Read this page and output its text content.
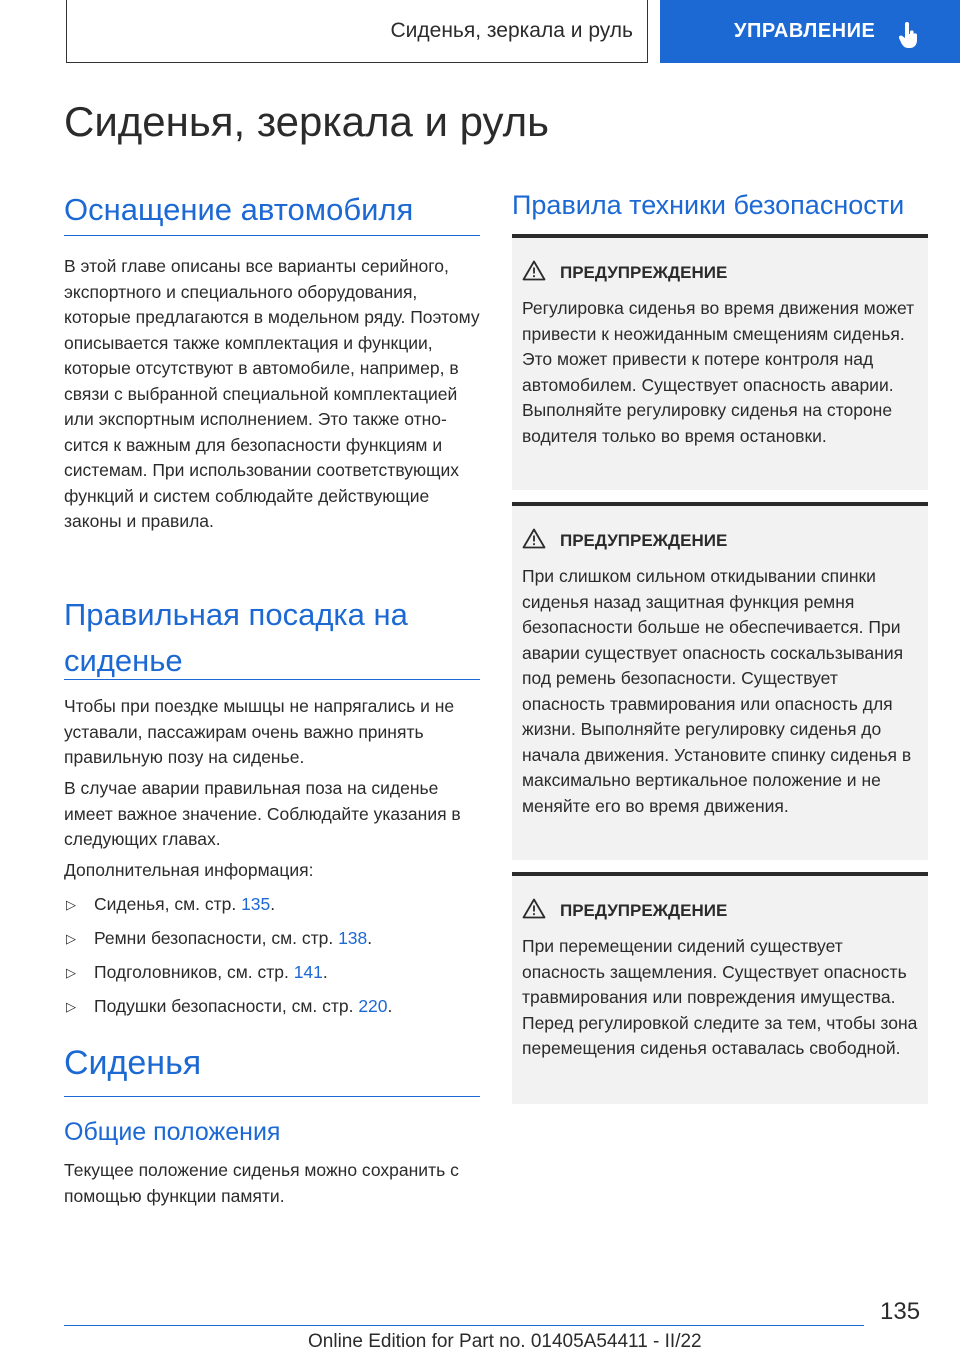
Сиденья, зеркала и руль	УПРАВЛЕНИЕ
Сиденья, зеркала и руль
Оснащение автомобиля

В этой главе описаны все варианты серийного, экспортного и специального оборудования, которые предлагаются в модельном ряду. Поэтому описывается также комплектация и функции, которые отсутствуют в автомобиле, например, в связи с выбранной специальной комплектацией или экспортным исполнением. Это также относится к важным для безопасности функциям и системам. При использовании соответствующих функций и систем соблюдайте действующие законы и правила.

Правильная посадка на сиденье

Чтобы при поездке мышцы не напрягались и не уставали, пассажирам очень важно принять правильную позу на сиденье.

В случае аварии правильная поза на сиденье имеет важное значение. Соблюдайте указания в следующих главах.

Дополнительная информация:

▷ Сиденья, см. стр. 135.
▷ Ремни безопасности, см. стр. 138.
▷ Подголовников, см. стр. 141.
▷ Подушки безопасности, см. стр. 220.
Сиденья
Общие положения

Текущее положение сиденья можно сохранить с помощью функции памяти.

Правила техники безопасности
ПРЕДУПРЕЖДЕНИЕ

Регулировка сиденья во время движения может привести к неожиданным смещениям сиденья. Это может привести к потере контроля над автомобилем. Существует опасность аварии. Выполняйте регулировку сиденья на стороне водителя только во время остановки.

ПРЕДУПРЕЖДЕНИЕ

При слишком сильном откидывании спинки сиденья назад защитная функция ремня безопасности больше не обеспечивается. При аварии существует опасность соскальзывания под ремень безопасности. Существует опасность травмирования или опасность для жизни. Выполняйте регулировку сиденья до начала движения. Установите спинку сиденья в максимально вертикальное положение и не меняйте его во время движения.

ПРЕДУПРЕЖДЕНИЕ

При перемещении сидений существует опасность защемления. Существует опасность травмирования или повреждения имущества. Перед регулировкой следите за тем, чтобы зона перемещения сиденья оставалась свободной.

135
Online Edition for Part no. 01405A54411 - II/22
